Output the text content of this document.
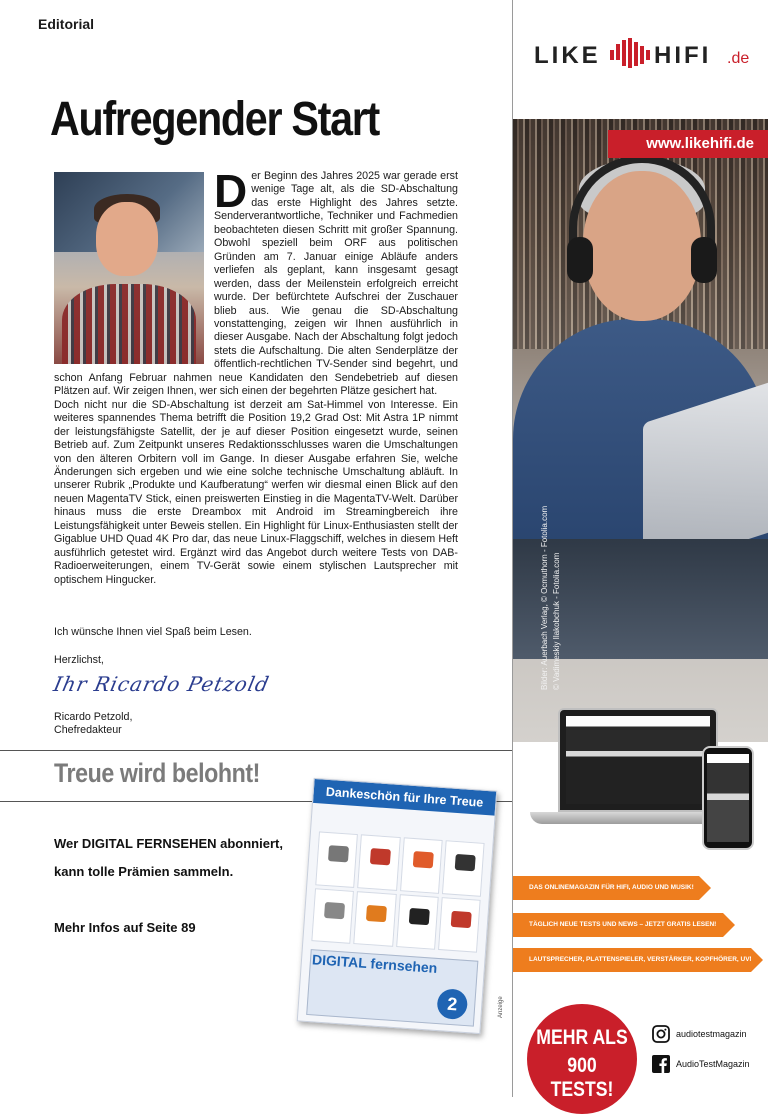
Editorial
Aufregender Start

Der Beginn des Jahres 2025 war gerade erst wenige Tage alt, als die SD-Abschaltung das erste Highlight des Jahres setzte. Senderverantwortliche, Techniker und Fachmedien beobachteten diesen Schritt mit großer Spannung. Obwohl speziell beim ORF aus politischen Gründen am 7. Januar einige Abläufe anders verliefen als geplant, kann insgesamt gesagt werden, dass der Meilenstein erfolgreich erreicht wurde. Der befürchtete Aufschrei der Zuschauer blieb aus. Wie genau die SD-Abschaltung vonstattenging, zeigen wir Ihnen ausführlich in dieser Ausgabe. Nach der Abschaltung folgt jedoch stets die Aufschaltung. Die alten Senderplätze der öffentlich-rechtlichen TV-Sender sind begehrt, und schon Anfang Februar nahmen neue Kandidaten den Sendebetrieb auf diesen Plätzen auf. Wir zeigen Ihnen, wer sich einen der begehrten Plätze gesichert hat.

Doch nicht nur die SD-Abschaltung ist derzeit am Sat-Himmel von Interesse. Ein weiteres spannendes Thema betrifft die Position 19,2 Grad Ost: Mit Astra 1P nimmt der leistungsfähigste Satellit, der je auf dieser Position eingesetzt wurde, seinen Betrieb auf. Zum Zeitpunkt unseres Redaktionsschlusses waren die Umschaltungen von den älteren Orbitern voll im Gange. In dieser Ausgabe erfahren Sie, welche Änderungen sich ergeben und wie eine solche technische Umschaltung abläuft. In unserer Rubrik „Produkte und Kaufberatung“ werfen wir diesmal einen Blick auf den neuen MagentaTV Stick, einen preiswerten Einstieg in die MagentaTV-Welt. Darüber hinaus muss die erste Dreambox mit Android im Streamingbereich ihre Leistungsfähigkeit unter Beweis stellen. Ein Highlight für Linux-Enthusiasten stellt der Gigablue UHD Quad 4K Pro dar, das neue Linux-Flaggschiff, welches in diesem Heft ausführlich getestet wird. Ergänzt wird das Angebot durch weitere Tests von DAB-Radioerweiterungen, einem TV-Gerät sowie einem stylischen Lautsprecher mit optischem Hingucker.

Ich wünsche Ihnen viel Spaß beim Lesen.
Herzlichst,
Ihr Ricardo Petzold
Ricardo Petzold,
Chefredakteur
Treue wird belohnt!
Wer DIGITAL FERNSEHEN abonniert,
kann tolle Prämien sammeln.
Mehr Infos auf Seite 89
Dankeschön für Ihre Treue
DIGITAL fernsehen
2	Anzeige
LIKE HIFI .de
www.likehifi.de
Bilder: Auerbach Verlag, © Ocmuthorn - Fotolia.com © Vadimeskiy Ilakobchuk - Fotolia.com
DAS ONLINEMAGAZIN FÜR HIFI, AUDIO UND MUSIK!
TÄGLICH NEUE TESTS UND NEWS – JETZT GRATIS LESEN!
LAUTSPRECHER, PLATTENSPIELER, VERSTÄRKER, KOPFHÖRER, UVM.
MEHR ALS
900 TESTS!
audiotestmagazin
AudioTestMagazin
